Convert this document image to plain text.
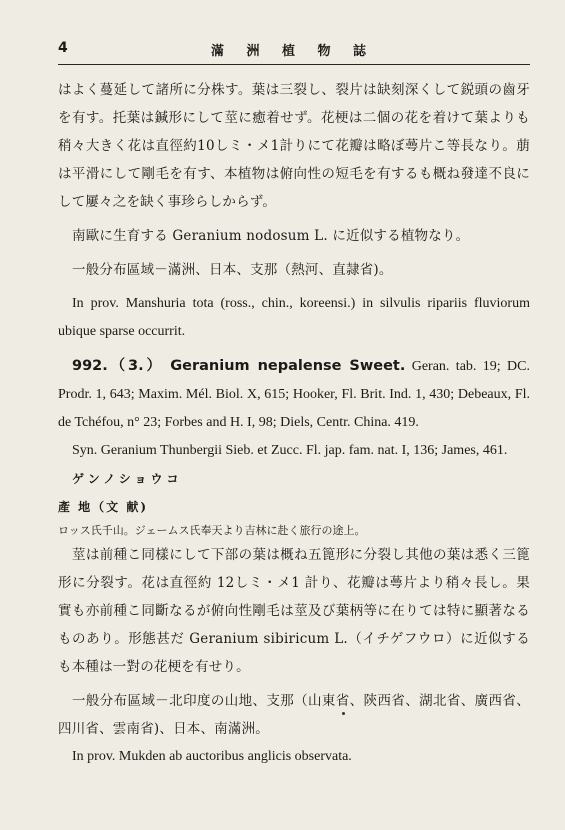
4	滿 洲 植 物 誌

はよく蔓延して諸所に分株す。葉は三裂し、裂片は缺刻深くして鋭頭の齒牙を有す。托葉は鍼形にして莖に癒着せず。花梗は二個の花を着けて葉よりも稍々大きく花は直徑約10しミ・メ1計りにて花瓣は略ぼ蕚片こ等長なり。萠は平滑にして剛毛を有す、本植物は俯向性の短毛を有するも概ね發達不良にして屢々之を缺く事珍らしからず。

南歐に生育する Geranium nodosum L. に近似する植物なり。

一般分布區域－滿洲、日本、支那（熱河、直隷省)。

In prov. Manshuria tota (ross., chin., koreensi.) in silvulis ripariis fluviorum ubique sparse occurrit.

992.（3.） Geranium nepalense Sweet. Geran. tab. 19; DC. Prodr. 1, 643; Maxim. Mél. Biol. X, 615; Hooker, Fl. Brit. Ind. 1, 430; Debeaux, Fl. de Tchéfou, n° 23; Forbes and H. I, 98; Diels, Centr. China. 419.

Syn. Geranium Thunbergii Sieb. et Zucc. Fl. jap. fam. nat. I, 136; James, 461.

ゲンノショウコ

產 地（文 献)

ロッス氏千山。ジェームス氏奉天より吉林に赴く旅行の途上。

莖は前種こ同樣にして下部の葉は概ね五篦形に分裂し其他の葉は悉く三篦形に分裂す。花は直徑約 12しミ・メ1 計り、花瓣は蕚片より稍々長し。果實も亦前種こ同斷なるが俯向性剛毛は莖及び葉柄等に在りては特に顯著なるものあり。形態甚だ Geranium sibiricum L.（イチゲフウロ）に近似するも本種は一對の花梗を有せり。

一般分布區域－北印度の山地、支那（山東省、陝西省、湖北省、廣西省、四川省、雲南省)、日本、南滿洲。

In prov. Mukden ab auctoribus anglicis observata.
